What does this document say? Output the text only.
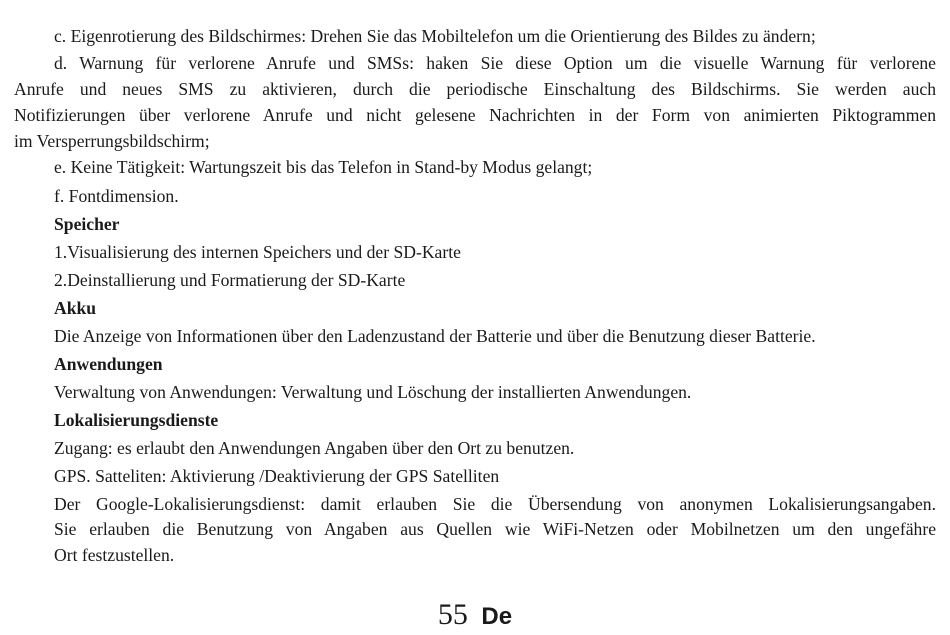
c. Eigenrotierung des Bildschirmes: Drehen Sie das Mobiltelefon um die Orientierung des Bildes zu ändern;
d. Warnung für verlorene Anrufe und SMSs: haken Sie diese Option um die visuelle Warnung für verlorene
Anrufe und neues SMS zu aktivieren, durch die periodische Einschaltung des Bildschirms. Sie werden auch
Notifizierungen über verlorene Anrufe und nicht gelesene Nachrichten in der Form von animierten Piktogrammen
im Versperrungsbildschirm;
e. Keine Tätigkeit: Wartungszeit bis das Telefon in Stand-by Modus gelangt;
f. Fontdimension.
Speicher
1.Visualisierung des internen Speichers und der SD-Karte
2.Deinstallierung und Formatierung der SD-Karte
Akku
Die Anzeige von Informationen über den Ladenzustand der Batterie und über die Benutzung dieser Batterie.
Anwendungen
Verwaltung von Anwendungen: Verwaltung und Löschung der installierten Anwendungen.
Lokalisierungsdienste
Zugang: es erlaubt den Anwendungen Angaben über den Ort zu benutzen.
GPS. Satteliten: Aktivierung /Deaktivierung der GPS Satelliten
Der Google-Lokalisierungsdienst: damit erlauben Sie die Übersendung von anonymen Lokalisierungsangaben.
Sie erlauben die Benutzung von Angaben aus Quellen wie WiFi-Netzen oder Mobilnetzen um den ungefähre
Ort festzustellen.
55 De
